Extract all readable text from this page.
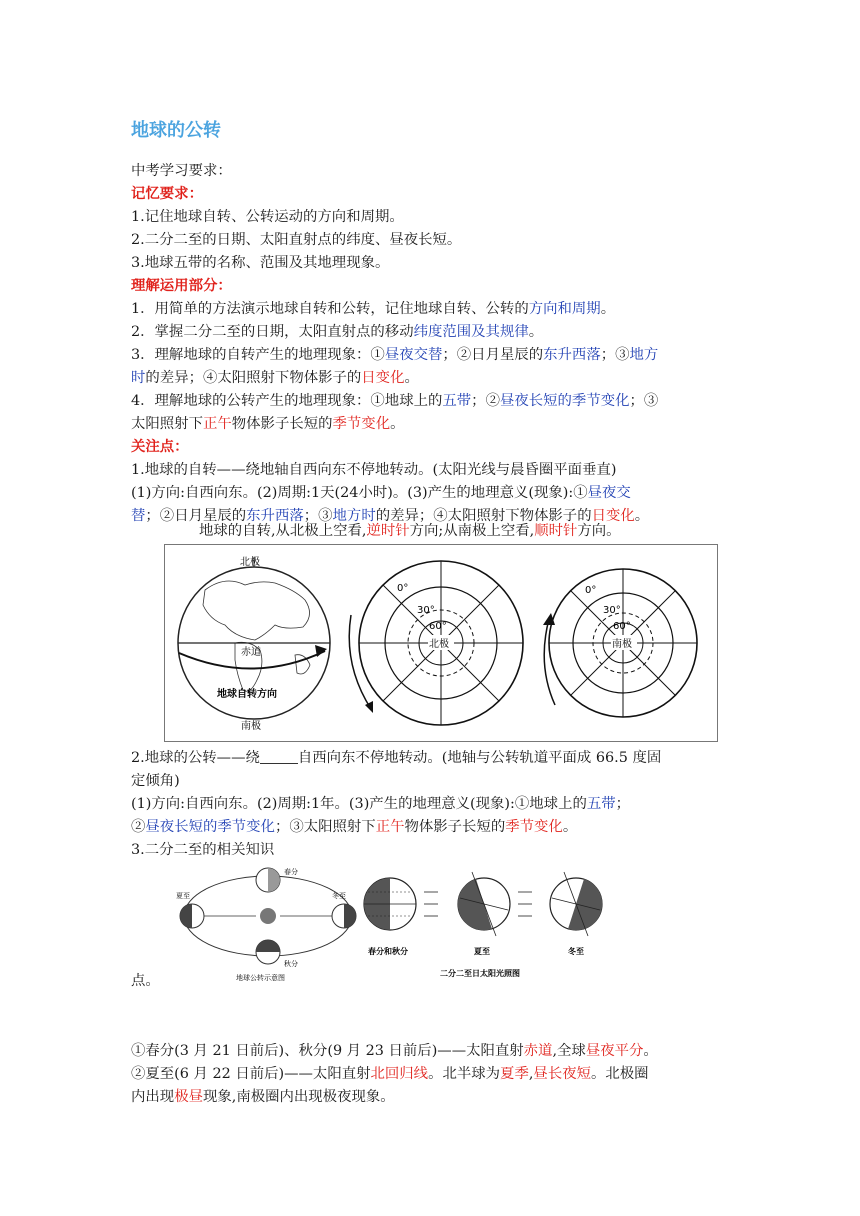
地球的公转
中考学习要求：
记忆要求：
1.记住地球自转、公转运动的方向和周期。
2.二分二至的日期、太阳直射点的纬度、昼夜长短。
3.地球五带的名称、范围及其地理现象。
理解运用部分：
1．用简单的方法演示地球自转和公转，记住地球自转、公转的方向和周期。
2．掌握二分二至的日期，太阳直射点的移动纬度范围及其规律。
3．理解地球的自转产生的地理现象：①昼夜交替；②日月星辰的东升西落；③地方
时的差异；④太阳照射下物体影子的日变化。
4．理解地球的公转产生的地理现象：①地球上的五带；②昼夜长短的季节变化；③
太阳照射下正午物体影子长短的季节变化。
关注点：
1.地球的自转——绕地轴自西向东不停地转动。(太阳光线与晨昏圈平面垂直)
(1)方向:自西向东。(2)周期:1天(24小时)。(3)产生的地理意义(现象):①昼夜交
替；②日月星辰的东升西落；③地方时的差异；④太阳照射下物体影子的日变化。
地球的自转,从北极上空看,逆时针方向;从南极上空看,顺时针方向。
北极
赤道
地球自转方向
南极
北极
0°
30°
60°
南极
0°
30°
60°
2.地球的公转——绕	自西向东不停地转动。(地轴与公转轨道平面成 66.5 度固
定倾角)
(1)方向:自西向东。(2)周期:1年。(3)产生的地理意义(现象):①地球上的五带；
②昼夜长短的季节变化；③太阳照射下正午物体影子长短的季节变化。
3.二分二至的相关知识
春分
夏至	冬至
秋分
地球公转示意图
春分和秋分	夏至	冬至
二分二至日太阳光照图
点。
①春分(3 月 21 日前后)、秋分(9 月 23 日前后)——太阳直射赤道,全球昼夜平分。
②夏至(6 月 22 日前后)——太阳直射北回归线。北半球为夏季,昼长夜短。北极圈
内出现极昼现象,南极圈内出现极夜现象。
